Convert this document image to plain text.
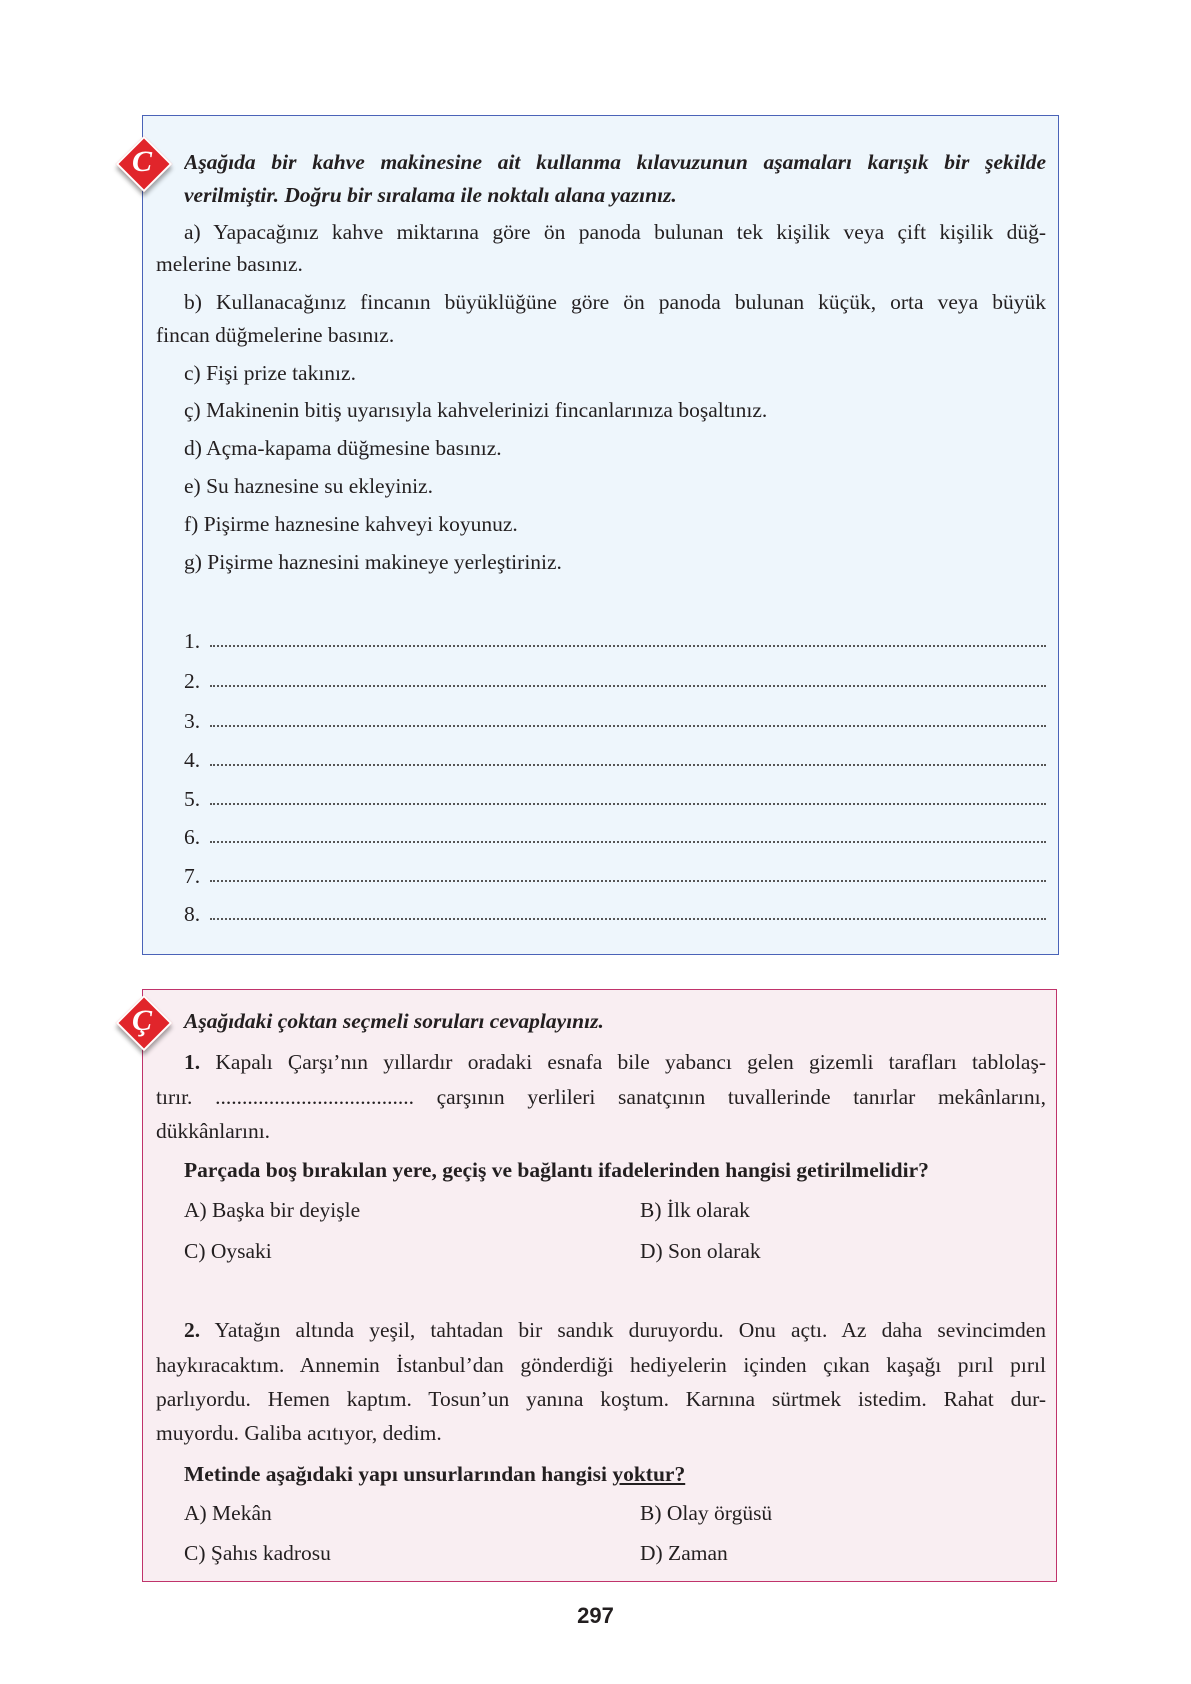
C	Aşağıda bir kahve makinesine ait kullanma kılavuzunun aşamaları karışık bir şekilde
verilmiştir. Doğru bir sıralama ile noktalı alana yazınız.
a) Yapacağınız kahve miktarına göre ön panoda bulunan tek kişilik veya çift kişilik düğ-
melerine basınız.
b) Kullanacağınız fincanın büyüklüğüne göre ön panoda bulunan küçük, orta veya büyük
fincan düğmelerine basınız.
c) Fişi prize takınız.
ç) Makinenin bitiş uyarısıyla kahvelerinizi fincanlarınıza boşaltınız.
d) Açma-kapama düğmesine basınız.
e) Su haznesine su ekleyiniz.
f) Pişirme haznesine kahveyi koyunuz.
g) Pişirme haznesini makineye yerleştiriniz.
1.
2.
3.
4.
5.
6.
7.
8.
Ç	Aşağıdaki çoktan seçmeli soruları cevaplayınız.
1. Kapalı Çarşı’nın yıllardır oradaki esnafa bile yabancı gelen gizemli tarafları tablolaş-
tırır. ..................................... çarşının yerlileri sanatçının tuvallerinde tanırlar mekânlarını,
dükkânlarını.
Parçada boş bırakılan yere, geçiş ve bağlantı ifadelerinden hangisi getirilmelidir?
A) Başka bir deyişle	B) İlk olarak
C) Oysaki	D) Son olarak
2. Yatağın altında yeşil, tahtadan bir sandık duruyordu. Onu açtı. Az daha sevincimden
haykıracaktım. Annemin İstanbul’dan gönderdiği hediyelerin içinden çıkan kaşağı pırıl pırıl
parlıyordu. Hemen kaptım. Tosun’un yanına koştum. Karnına sürtmek istedim. Rahat dur-
muyordu. Galiba acıtıyor, dedim.
Metinde aşağıdaki yapı unsurlarından hangisi yoktur?
A) Mekân	B) Olay örgüsü
C) Şahıs kadrosu	D) Zaman
297
